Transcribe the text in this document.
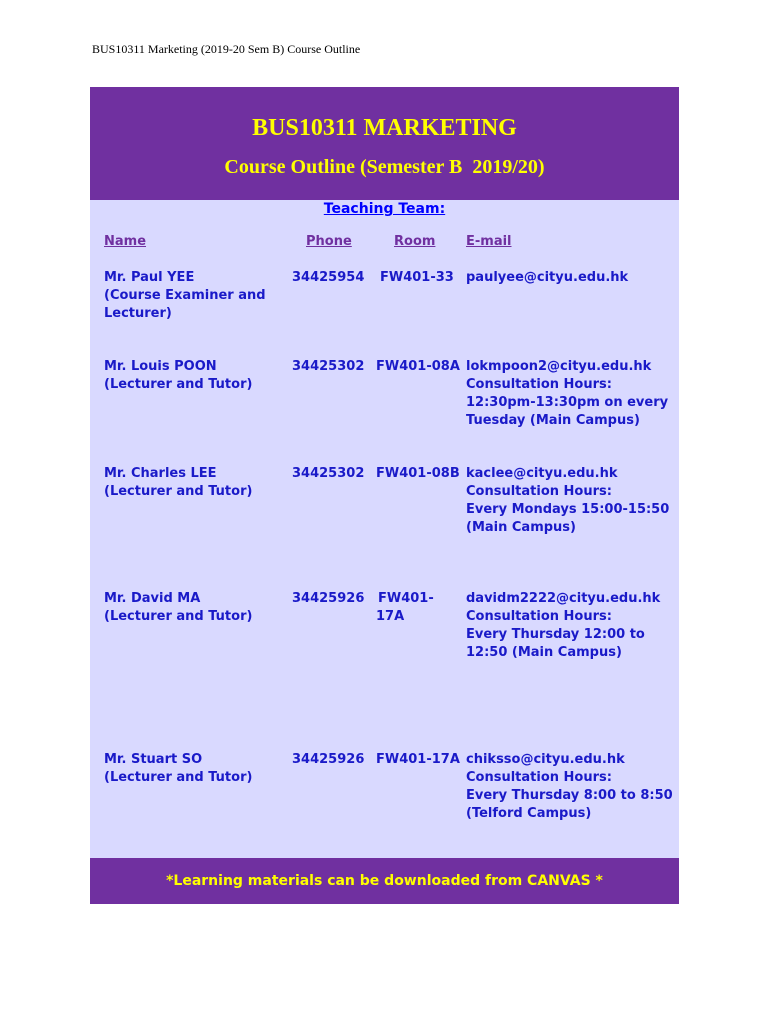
BUS10311 Marketing (2019-20 Sem B) Course Outline
BUS10311 MARKETING
Course Outline (Semester B  2019/20)
Teaching Team:
Name	Phone	Room E-mail
Mr. Paul YEE
(Course Examiner and
Lecturer)
34425954 FW401-33 paulyee@cityu.edu.hk
Mr. Louis POON
(Lecturer and Tutor)
34425302 FW401-08A lokmpoon2@cityu.edu.hk
Consultation Hours:
12:30pm-13:30pm on every
Tuesday (Main Campus)
Mr. Charles LEE
(Lecturer and Tutor)
34425302 FW401-08B kaclee@cityu.edu.hk
Consultation Hours:
Every Mondays 15:00-15:50
(Main Campus)
Mr. David MA
(Lecturer and Tutor)
34425926 FW401-
17A
davidm2222@cityu.edu.hk
Consultation Hours:
Every Thursday 12:00 to
12:50 (Main Campus)
Mr. Stuart SO
(Lecturer and Tutor)
34425926 FW401-17A chiksso@cityu.edu.hk
Consultation Hours:
Every Thursday 8:00 to 8:50
(Telford Campus)
*Learning materials can be downloaded from CANVAS *
